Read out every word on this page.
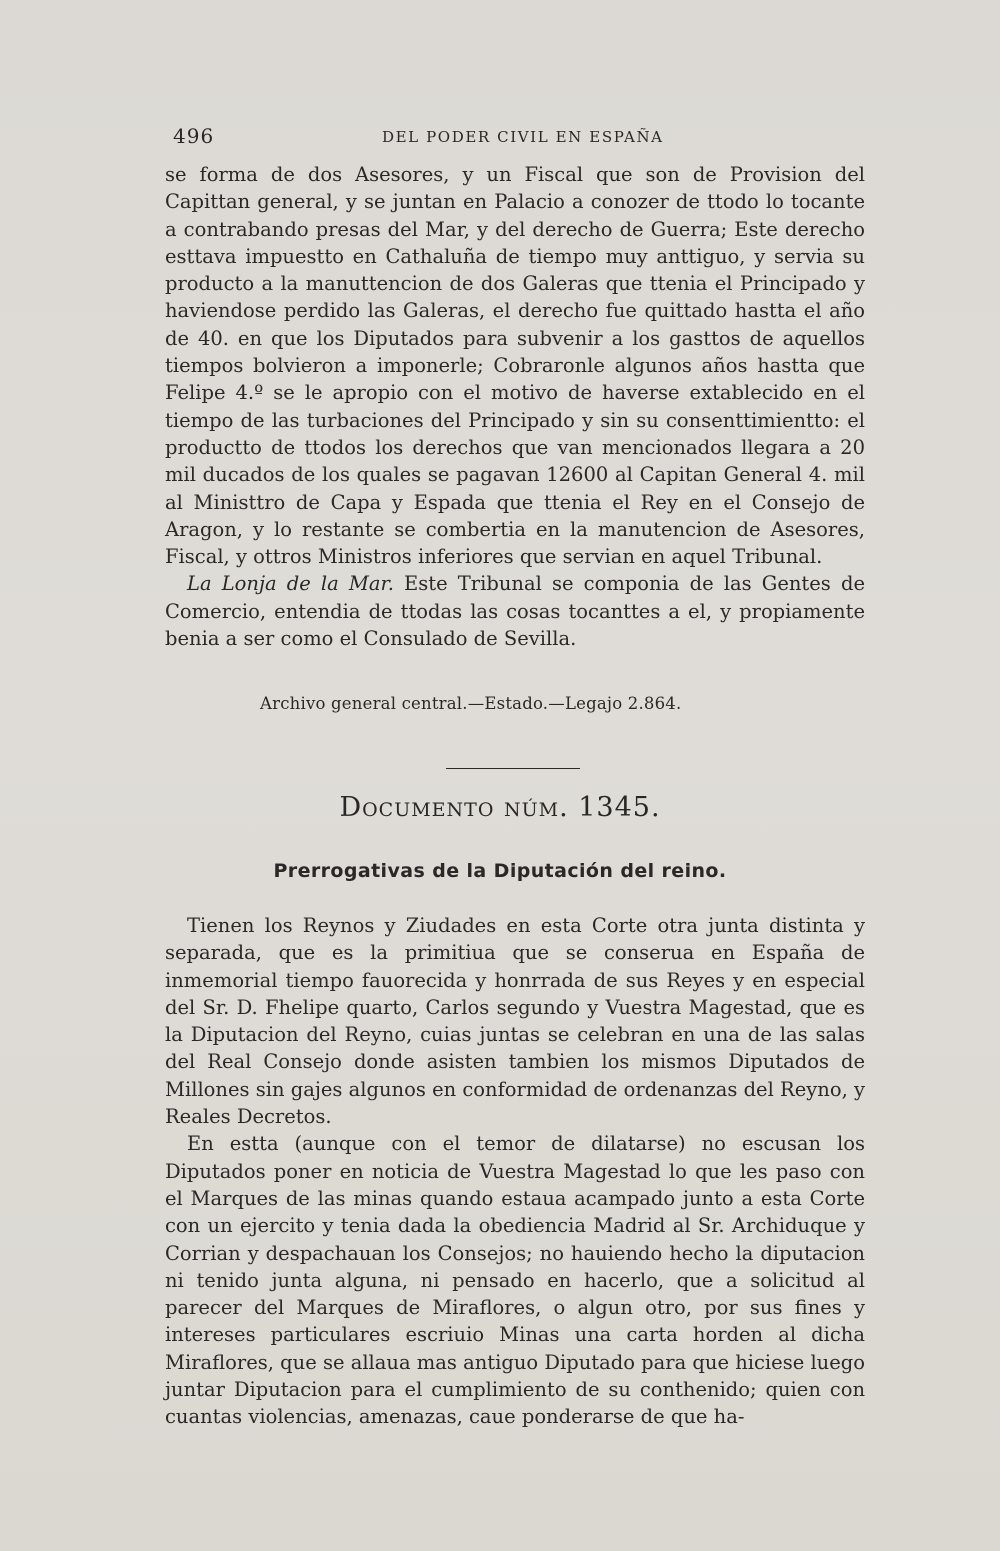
496	DEL PODER CIVIL EN ESPAÑA

se forma de dos Asesores, y un Fiscal que son de Provision del Capittan general, y se juntan en Palacio a conozer de ttodo lo tocante a contrabando presas del Mar, y del derecho de Guerra; Este derecho esttava impuestto en Cathaluña de tiempo muy anttiguo, y servia su producto a la manuttencion de dos Galeras que ttenia el Principado y haviendose perdido las Galeras, el derecho fue quittado hastta el año de 40. en que los Diputados para subvenir a los gasttos de aquellos tiempos bolvieron a imponerle; Cobraronle algunos años hastta que Felipe 4.º se le apropio con el motivo de haverse extablecido en el tiempo de las turbaciones del Principado y sin su consenttimientto: el productto de ttodos los derechos que van mencionados llegara a 20 mil ducados de los quales se pagavan 12600 al Capitan General 4. mil al Ministtro de Capa y Espada que ttenia el Rey en el Consejo de Aragon, y lo restante se combertia en la manutencion de Asesores, Fiscal, y ottros Ministros inferiores que servian en aquel Tribunal.

La Lonja de la Mar. Este Tribunal se componia de las Gentes de Comercio, entendia de ttodas las cosas tocanttes a el, y propiamente benia a ser como el Consulado de Sevilla.

Archivo general central.—Estado.—Legajo 2.864.
Documento núm. 1345.
Prerrogativas de la Diputación del reino.

Tienen los Reynos y Ziudades en esta Corte otra junta distinta y separada, que es la primitiua que se conserua en España de inmemorial tiempo fauorecida y honrrada de sus Reyes y en especial del Sr. D. Fhelipe quarto, Carlos segundo y Vuestra Magestad, que es la Diputacion del Reyno, cuias juntas se celebran en una de las salas del Real Consejo donde asisten tambien los mismos Diputados de Millones sin gajes algunos en conformidad de ordenanzas del Reyno, y Reales Decretos.

En estta (aunque con el temor de dilatarse) no escusan los Diputados poner en noticia de Vuestra Magestad lo que les paso con el Marques de las minas quando estaua acampado junto a esta Corte con un ejercito y tenia dada la obediencia Madrid al Sr. Archiduque y Corrian y despachauan los Consejos; no hauiendo hecho la diputacion ni tenido junta alguna, ni pensado en hacerlo, que a solicitud al parecer del Marques de Miraflores, o algun otro, por sus fines y intereses particulares escriuio Minas una carta horden al dicha Miraflores, que se allaua mas antiguo Diputado para que hiciese luego juntar Diputacion para el cumplimiento de su conthenido; quien con cuantas violencias, amenazas, caue ponderarse de que ha-
